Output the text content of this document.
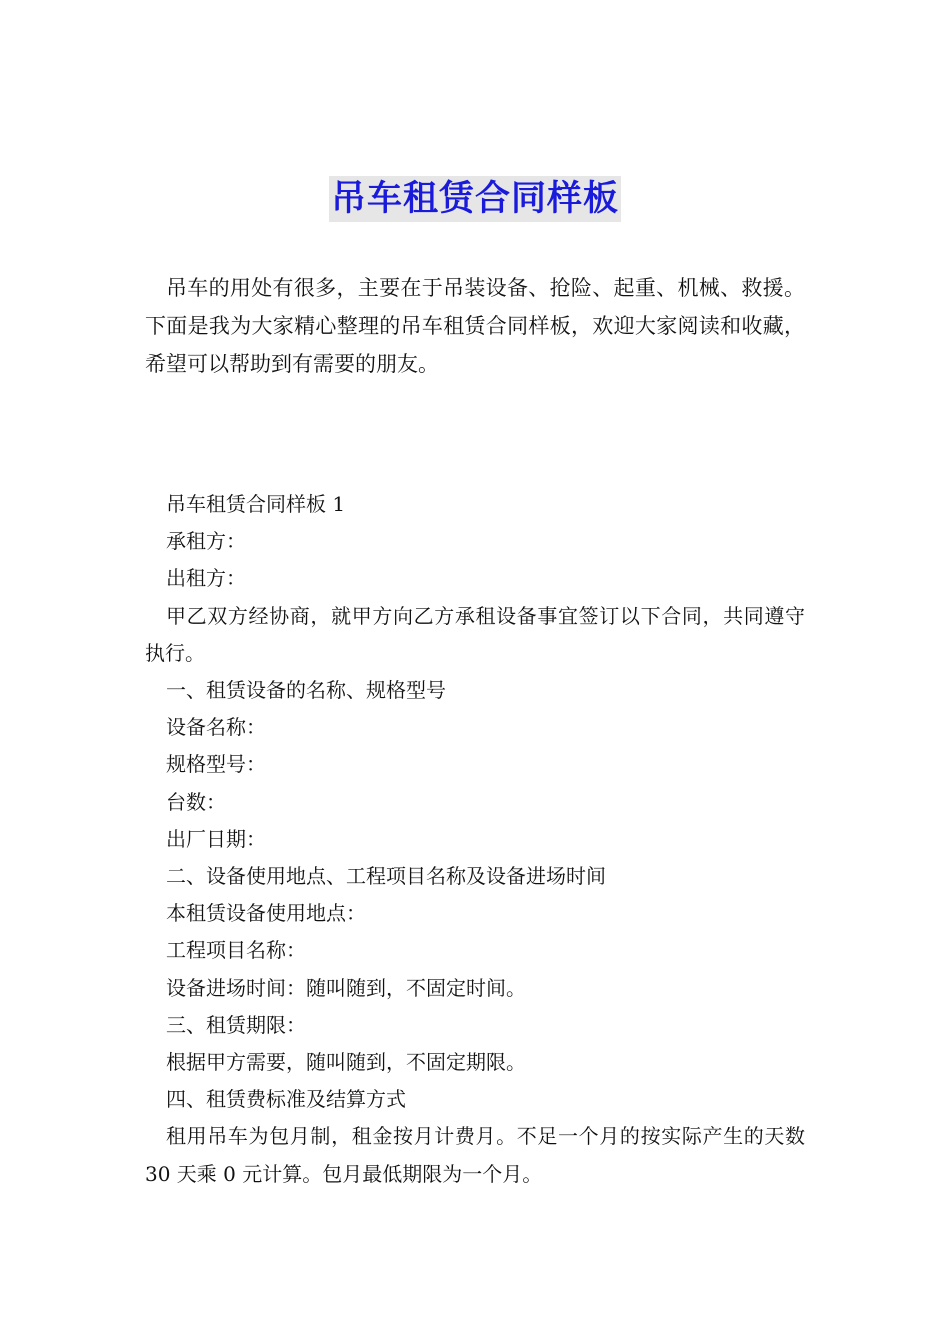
吊车租赁合同样板

吊车的用处有很多，主要在于吊装设备、抢险、起重、机械、救援。下面是我为大家精心整理的吊车租赁合同样板，欢迎大家阅读和收藏，希望可以帮助到有需要的朋友。

吊车租赁合同样板 1

承租方：

出租方：

甲乙双方经协商，就甲方向乙方承租设备事宜签订以下合同，共同遵守执行。

一、租赁设备的名称、规格型号

设备名称：

规格型号：

台数：

出厂日期：

二、设备使用地点、工程项目名称及设备进场时间

本租赁设备使用地点：

工程项目名称：

设备进场时间：随叫随到，不固定时间。

三、租赁期限：

根据甲方需要，随叫随到，不固定期限。

四、租赁费标准及结算方式

租用吊车为包月制，租金按月计费月。不足一个月的按实际产生的天数 30 天乘 0 元计算。包月最低期限为一个月。
